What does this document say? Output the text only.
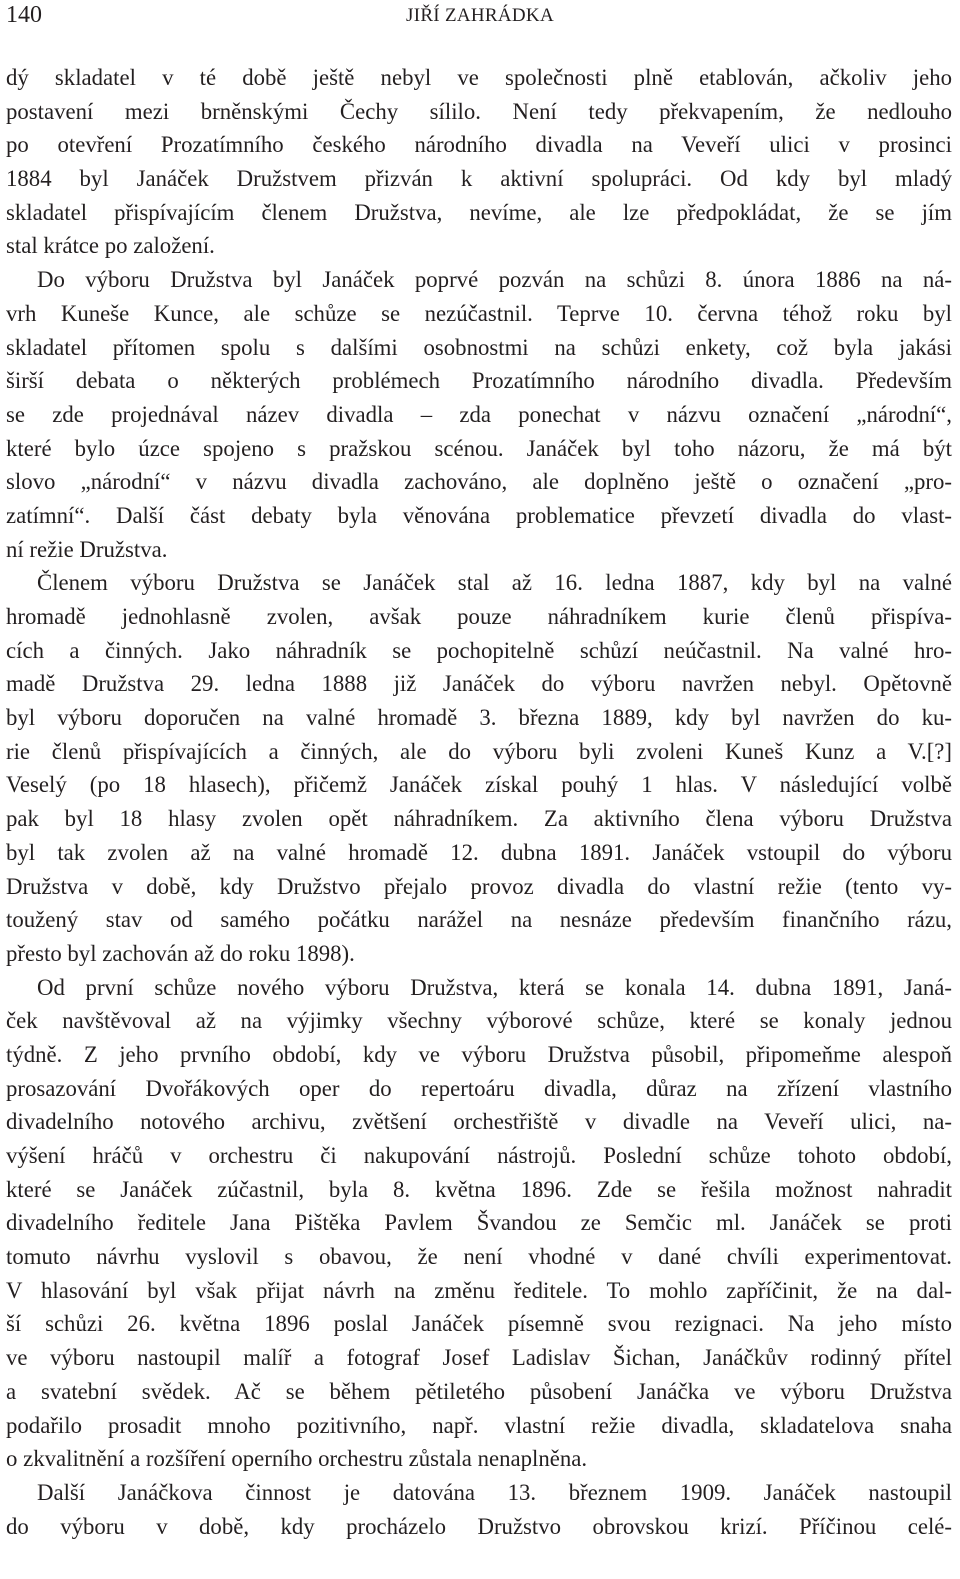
140	JIŘÍ ZAHRÁDKA

dý skladatel v té době ještě nebyl ve společnosti plně etablován, ačkoliv jeho
postavení mezi brněnskými Čechy sílilo. Není tedy překvapením, že nedlouho
po otevření Prozatímního českého národního divadla na Veveří ulici v prosinci
1884 byl Janáček Družstvem přizván k aktivní spolupráci. Od kdy byl mladý
skladatel přispívajícím členem Družstva, nevíme, ale lze předpokládat, že se jím
stal krátce po založení.
Do výboru Družstva byl Janáček poprvé pozván na schůzi 8. února 1886 na ná-
vrh Kuneše Kunce, ale schůze se nezúčastnil. Teprve 10. června téhož roku byl
skladatel přítomen spolu s dalšími osobnostmi na schůzi enkety, což byla jakási
širší debata o některých problémech Prozatímního národního divadla. Především
se zde projednával název divadla – zda ponechat v názvu označení „národní“,
které bylo úzce spojeno s pražskou scénou. Janáček byl toho názoru, že má být
slovo „národní“ v názvu divadla zachováno, ale doplněno ještě o označení „pro-
zatímní“. Další část debaty byla věnována problematice převzetí divadla do vlast-
ní režie Družstva.
Členem výboru Družstva se Janáček stal až 16. ledna 1887, kdy byl na valné
hromadě jednohlasně zvolen, avšak pouze náhradníkem kurie členů přispíva-
cích a činných. Jako náhradník se pochopitelně schůzí neúčastnil. Na valné hro-
madě Družstva 29. ledna 1888 již Janáček do výboru navržen nebyl. Opětovně
byl výboru doporučen na valné hromadě 3. března 1889, kdy byl navržen do ku-
rie členů přispívajících a činných, ale do výboru byli zvoleni Kuneš Kunz a V.[?]
Veselý (po 18 hlasech), přičemž Janáček získal pouhý 1 hlas. V následující volbě
pak byl 18 hlasy zvolen opět náhradníkem. Za aktivního člena výboru Družstva
byl tak zvolen až na valné hromadě 12. dubna 1891. Janáček vstoupil do výboru
Družstva v době, kdy Družstvo přejalo provoz divadla do vlastní režie (tento vy-
toužený stav od samého počátku narážel na nesnáze především finančního rázu,
přesto byl zachován až do roku 1898).
Od první schůze nového výboru Družstva, která se konala 14. dubna 1891, Janá-
ček navštěvoval až na výjimky všechny výborové schůze, které se konaly jednou
týdně. Z jeho prvního období, kdy ve výboru Družstva působil, připomeňme alespoň
prosazování Dvořákových oper do repertoáru divadla, důraz na zřízení vlastního
divadelního notového archivu, zvětšení orchestřiště v divadle na Veveří ulici, na-
výšení hráčů v orchestru či nakupování nástrojů. Poslední schůze tohoto období,
které se Janáček zúčastnil, byla 8. května 1896. Zde se řešila možnost nahradit
divadelního ředitele Jana Pištěka Pavlem Švandou ze Semčic ml. Janáček se proti
tomuto návrhu vyslovil s obavou, že není vhodné v dané chvíli experimentovat.
V hlasování byl však přijat návrh na změnu ředitele. To mohlo zapříčinit, že na dal-
ší schůzi 26. května 1896 poslal Janáček písemně svou rezignaci. Na jeho místo
ve výboru nastoupil malíř a fotograf Josef Ladislav Šichan, Janáčkův rodinný přítel
a svatební svědek. Ač se během pětiletého působení Janáčka ve výboru Družstva
podařilo prosadit mnoho pozitivního, např. vlastní režie divadla, skladatelova snaha
o zkvalitnění a rozšíření operního orchestru zůstala nenaplněna.
Další Janáčkova činnost je datována 13. březnem 1909. Janáček nastoupil
do výboru v době, kdy procházelo Družstvo obrovskou krizí. Příčinou celé-
